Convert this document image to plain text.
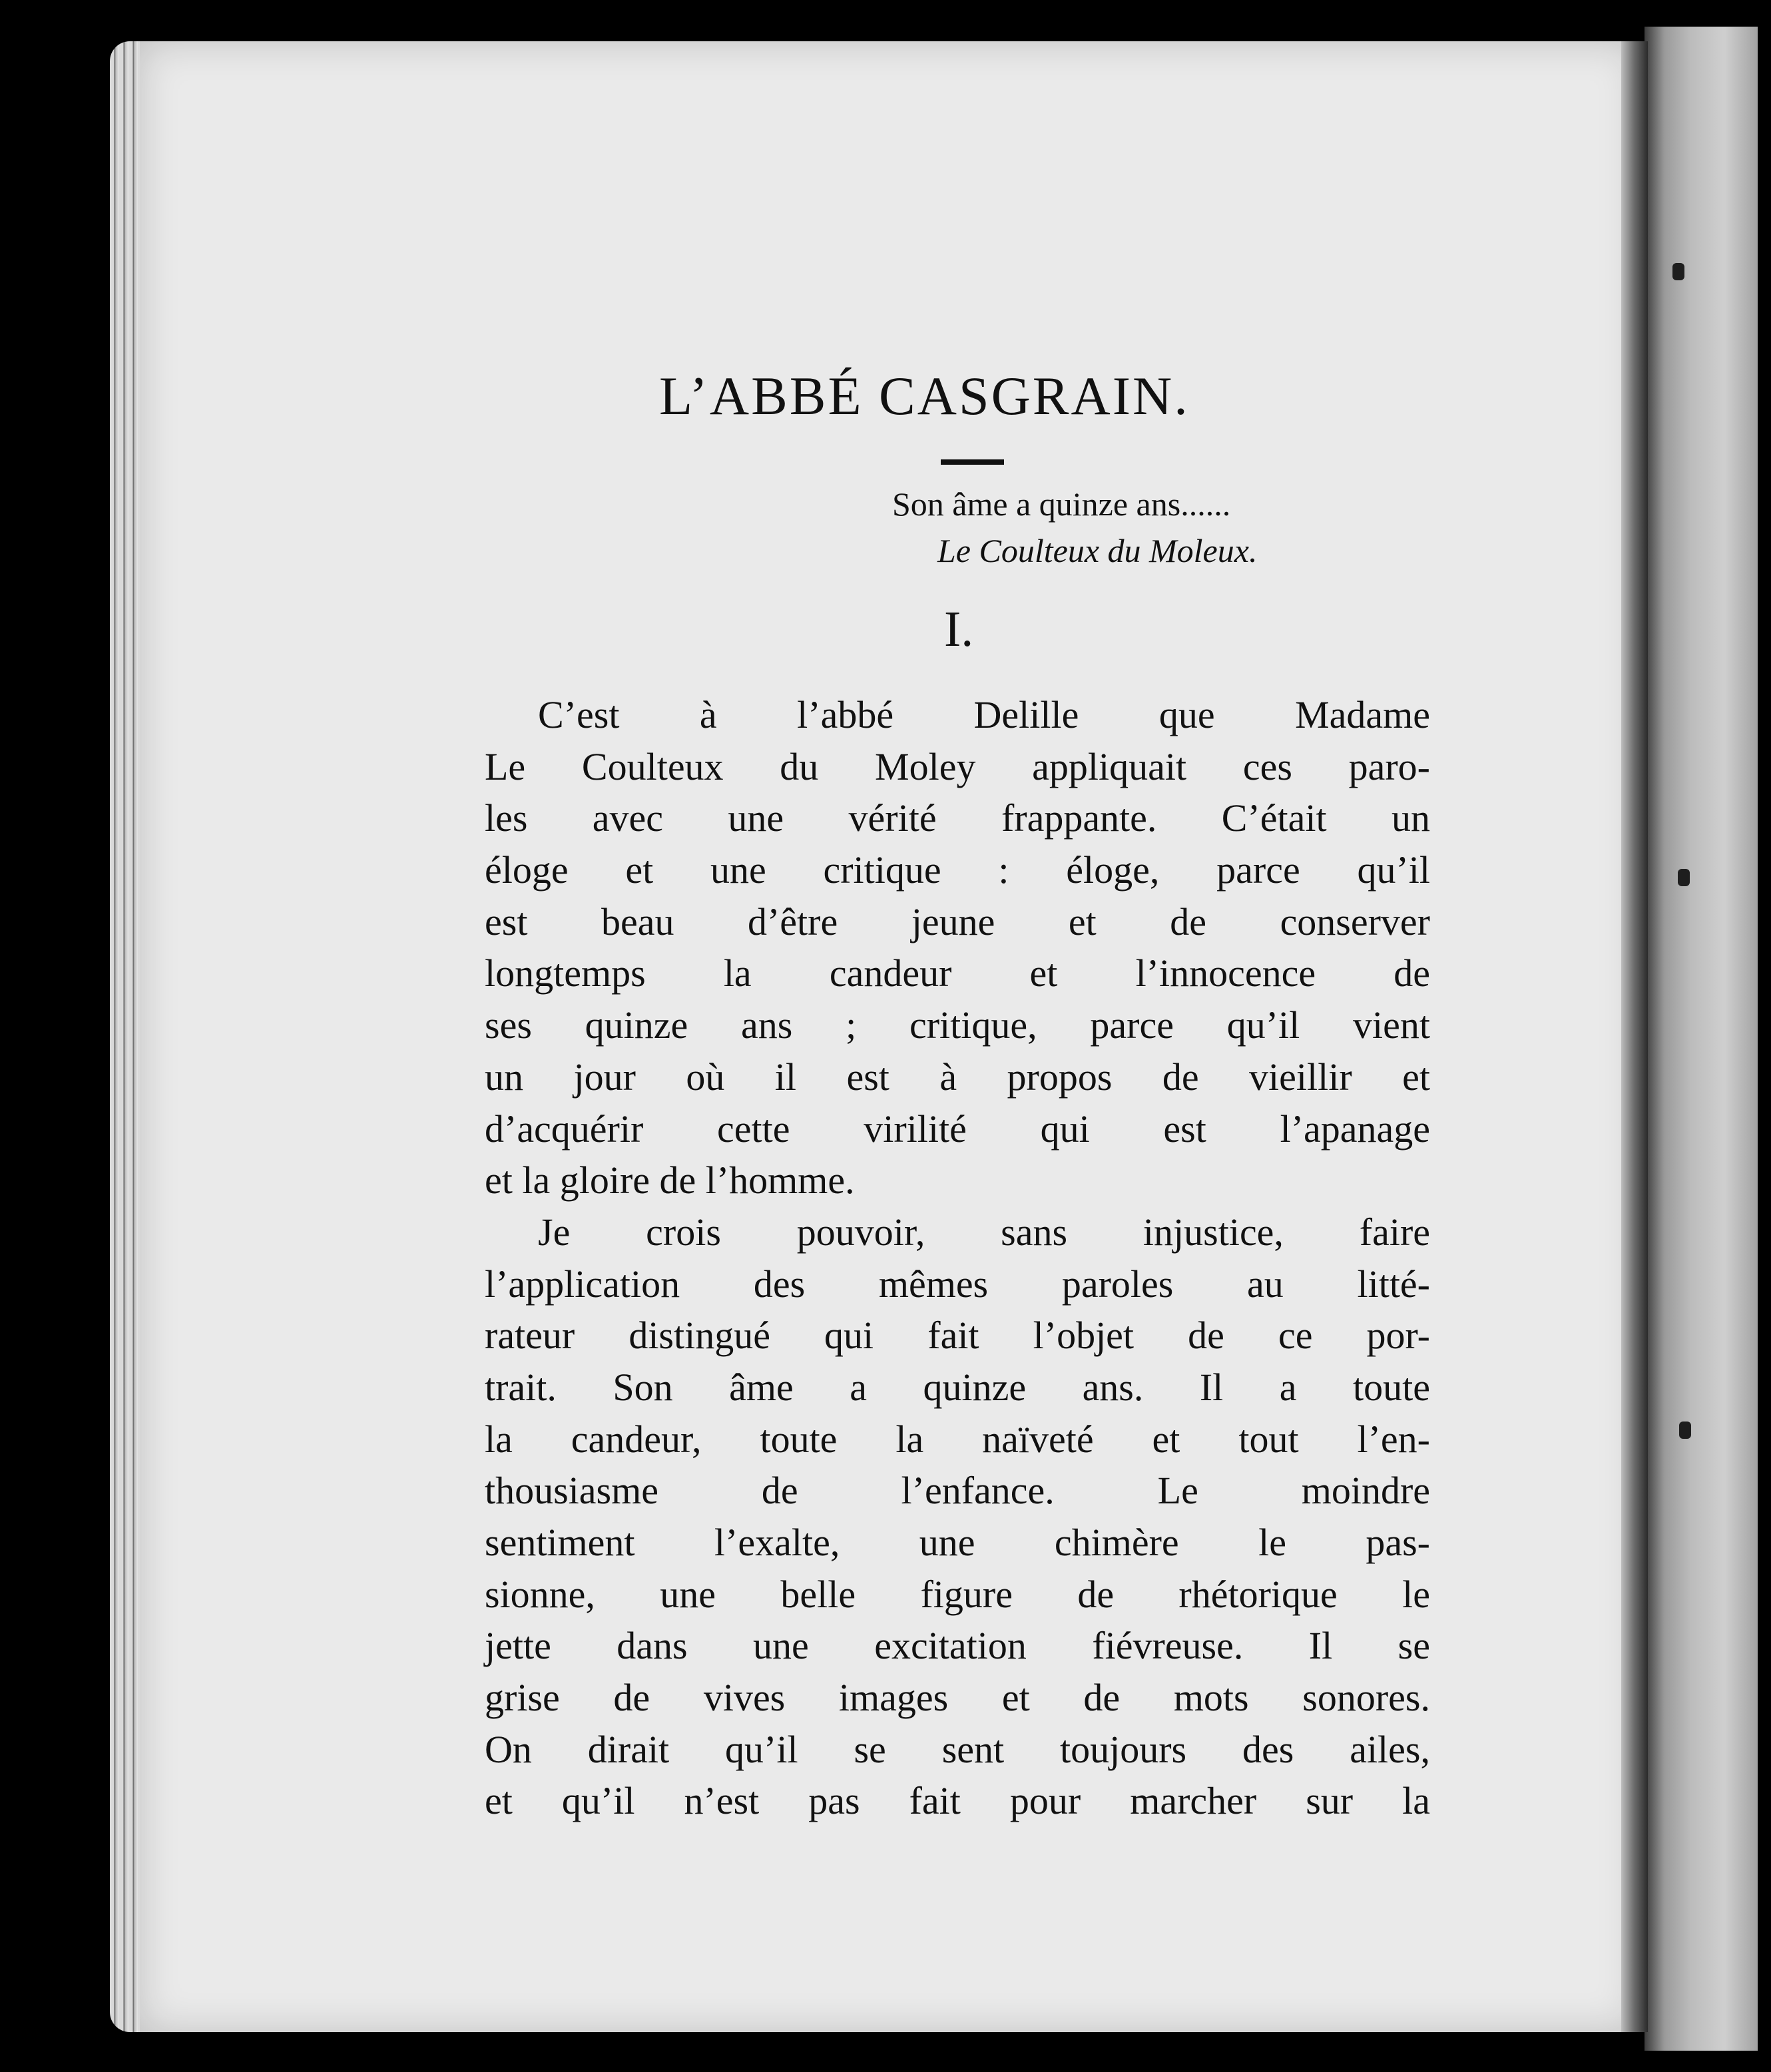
L’ABBÉ CASGRAIN.
Son âme a quinze ans......
Le Coulteux du Moleux.
I.
C’est à l’abbé Delille que Madame
Le Coulteux du Moley appliquait ces paro-
les avec une vérité frappante. C’était un
éloge et une critique : éloge, parce qu’il
est beau d’être jeune et de conserver
longtemps la candeur et l’innocence de
ses quinze ans ; critique, parce qu’il vient
un jour où il est à propos de vieillir et
d’acquérir cette virilité qui est l’apanage
et la gloire de l’homme.
Je crois pouvoir, sans injustice, faire
l’application des mêmes paroles au litté-
rateur distingué qui fait l’objet de ce por-
trait. Son âme a quinze ans. Il a toute
la candeur, toute la naïveté et tout l’en-
thousiasme de l’enfance. Le moindre
sentiment l’exalte, une chimère le pas-
sionne, une belle figure de rhétorique le
jette dans une excitation fiévreuse. Il se
grise de vives images et de mots sonores.
On dirait qu’il se sent toujours des ailes,
et qu’il n’est pas fait pour marcher sur la
